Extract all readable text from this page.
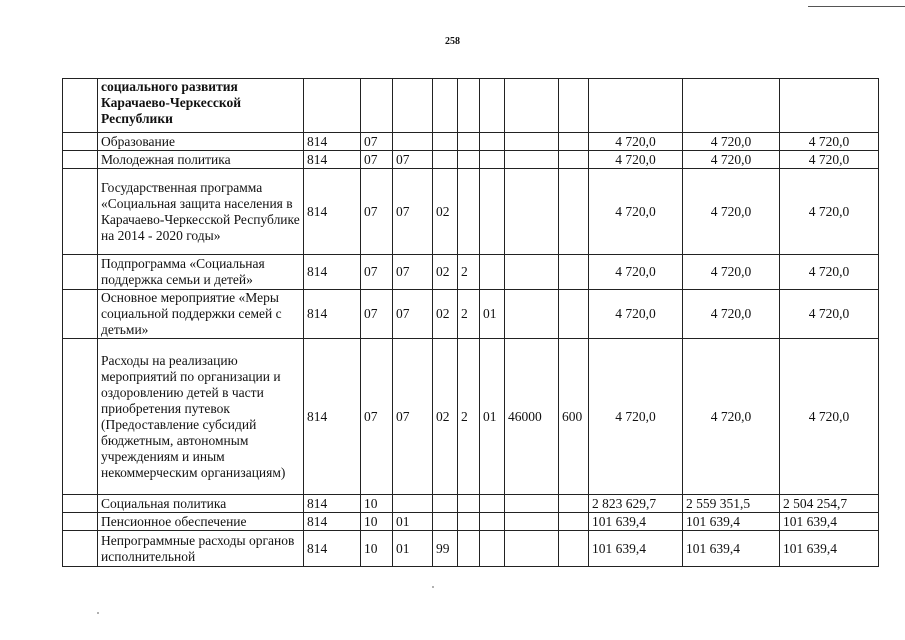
258
	социального развития Карачаево-Черкесской Республики											
	Образование	814	07							4 720,0	4 720,0	4 720,0
	Молодежная политика	814	07	07						4 720,0	4 720,0	4 720,0
	Государственная программа «Социальная защита населения в Карачаево-Черкесской Республике на 2014 - 2020 годы»	814	07	07	02					4 720,0	4 720,0	4 720,0
	Подпрограмма «Социальная поддержка семьи и детей»	814	07	07	02	2				4 720,0	4 720,0	4 720,0
	Основное мероприятие «Меры социальной поддержки семей с детьми»	814	07	07	02	2	01			4 720,0	4 720,0	4 720,0
	Расходы на реализацию мероприятий по организации и оздоровлению детей в части приобретения путевок (Предоставление субсидий бюджетным, автономным учреждениям и иным некоммерческим организациям)	814	07	07	02	2	01	46000	600	4 720,0	4 720,0	4 720,0
	Социальная политика	814	10							2 823 629,7	2 559 351,5	2 504 254,7
	Пенсионное обеспечение	814	10	01						101 639,4	101 639,4	101 639,4
	Непрограммные расходы органов исполнительной	814	10	01	99					101 639,4	101 639,4	101 639,4
